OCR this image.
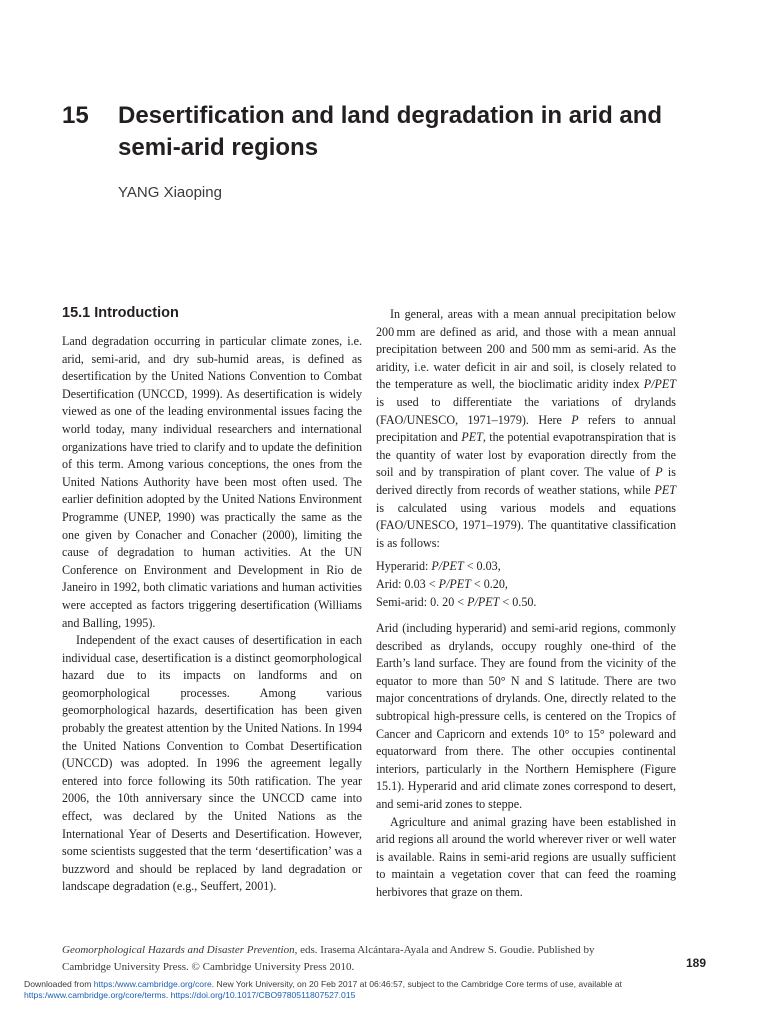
15 Desertification and land degradation in arid and semi-arid regions
YANG Xiaoping
15.1 Introduction

Land degradation occurring in particular climate zones, i.e. arid, semi-arid, and dry sub-humid areas, is defined as desertification by the United Nations Convention to Combat Desertification (UNCCD, 1999). As desertification is widely viewed as one of the leading environmental issues facing the world today, many individual researchers and international organizations have tried to clarify and to update the definition of this term. Among various conceptions, the ones from the United Nations Authority have been most often used. The earlier definition adopted by the United Nations Environment Programme (UNEP, 1990) was practically the same as the one given by Conacher and Conacher (2000), limiting the cause of degradation to human activities. At the UN Conference on Environment and Development in Rio de Janeiro in 1992, both climatic variations and human activities were accepted as factors triggering desertification (Williams and Balling, 1995).

Independent of the exact causes of desertification in each individual case, desertification is a distinct geomorphological hazard due to its impacts on landforms and on geomorphological processes. Among various geomorphological hazards, desertification has been given probably the greatest attention by the United Nations. In 1994 the United Nations Convention to Combat Desertification (UNCCD) was adopted. In 1996 the agreement legally entered into force following its 50th ratification. The year 2006, the 10th anniversary since the UNCCD came into effect, was declared by the United Nations as the International Year of Deserts and Desertification. However, some scientists suggested that the term ‘desertification’ was a buzzword and should be replaced by land degradation or landscape degradation (e.g., Seuffert, 2001).

In general, areas with a mean annual precipitation below 200 mm are defined as arid, and those with a mean annual precipitation between 200 and 500 mm as semi-arid. As the aridity, i.e. water deficit in air and soil, is closely related to the temperature as well, the bioclimatic aridity index P/PET is used to differentiate the variations of drylands (FAO/UNESCO, 1971–1979). Here P refers to annual precipitation and PET, the potential evapotranspiration that is the quantity of water lost by evaporation directly from the soil and by transpiration of plant cover. The value of P is derived directly from records of weather stations, while PET is calculated using various models and equations (FAO/UNESCO, 1971–1979). The quantitative classification is as follows:

Hyperarid: P/PET < 0.03,
Arid: 0.03 < P/PET < 0.20,
Semi-arid: 0. 20 < P/PET < 0.50.

Arid (including hyperarid) and semi-arid regions, commonly described as drylands, occupy roughly one-third of the Earth’s land surface. They are found from the vicinity of the equator to more than 50° N and S latitude. There are two major concentrations of drylands. One, directly related to the subtropical high-pressure cells, is centered on the Tropics of Cancer and Capricorn and extends 10° to 15° poleward and equatorward from there. The other occupies continental interiors, particularly in the Northern Hemisphere (Figure 15.1). Hyperarid and arid climate zones correspond to desert, and semi-arid zones to steppe.

Agriculture and animal grazing have been established in arid regions all around the world wherever river or well water is available. Rains in semi-arid regions are usually sufficient to maintain a vegetation cover that can feed the roaming herbivores that graze on them.

Geomorphological Hazards and Disaster Prevention, eds. Irasema Alcántara-Ayala and Andrew S. Goudie. Published by Cambridge University Press. © Cambridge University Press 2010.	189
Downloaded from https:/www.cambridge.org/core. New York University, on 20 Feb 2017 at 06:46:57, subject to the Cambridge Core terms of use, available at https:/www.cambridge.org/core/terms. https://doi.org/10.1017/CBO9780511807527.015
